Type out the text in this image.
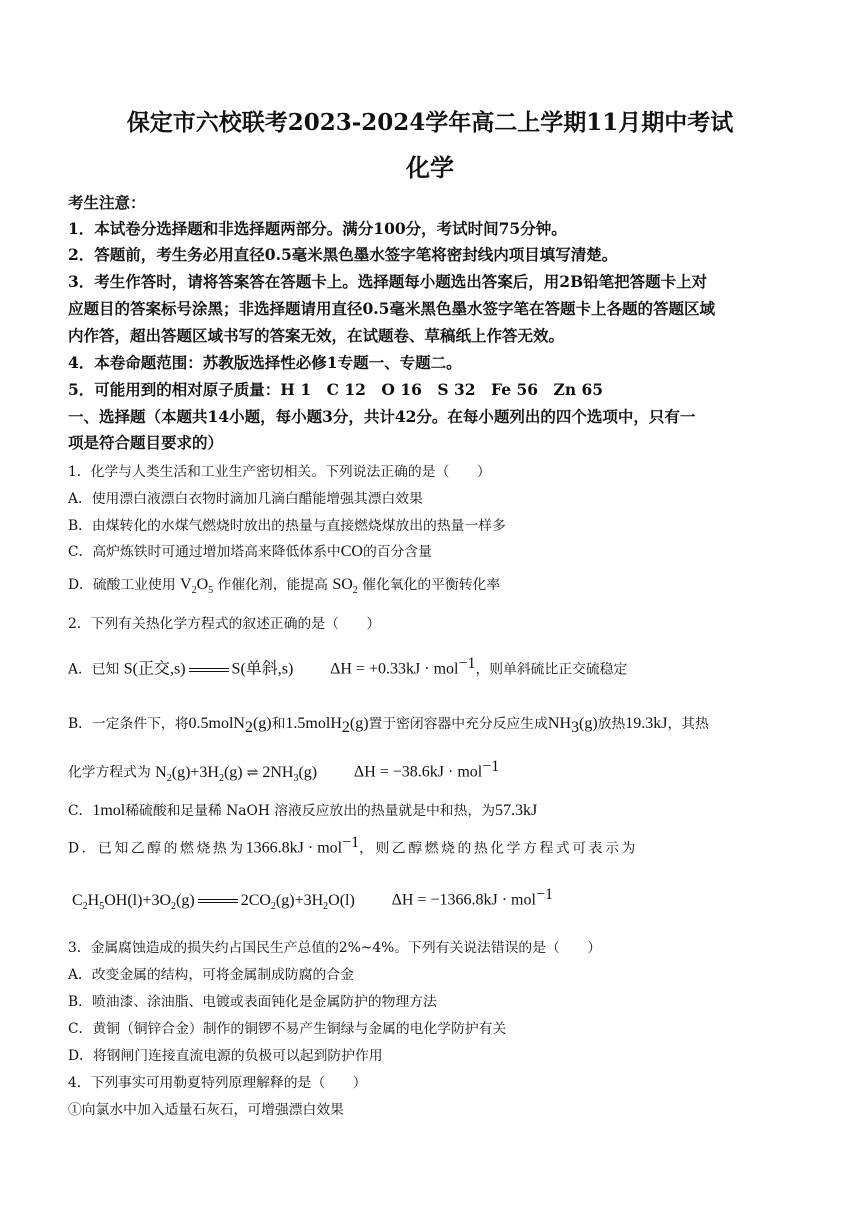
保定市六校联考2023-2024学年高二上学期11月期中考试
化学
考生注意：
1．本试卷分选择题和非选择题两部分。满分100分，考试时间75分钟。
2．答题前，考生务必用直径0.5毫米黑色墨水签字笔将密封线内项目填写清楚。
3．考生作答时，请将答案答在答题卡上。选择题每小题选出答案后，用2B铅笔把答题卡上对
应题目的答案标号涂黑；非选择题请用直径0.5毫米黑色墨水签字笔在答题卡上各题的答题区域
内作答，超出答题区域书写的答案无效，在试题卷、草稿纸上作答无效。
4．本卷命题范围：苏教版选择性必修1专题一、专题二。
5．可能用到的相对原子质量：H 1　C 12　O 16　S 32　Fe 56　Zn 65
一、选择题（本题共14小题，每小题3分，共计42分。在每小题列出的四个选项中，只有一
项是符合题目要求的）
1．化学与人类生活和工业生产密切相关。下列说法正确的是（　　）
A．使用漂白液漂白衣物时滴加几滴白醋能增强其漂白效果
B．由煤转化的水煤气燃烧时放出的热量与直接燃烧煤放出的热量一样多
C．高炉炼铁时可通过增加塔高来降低体系中CO的百分含量
D．硫酸工业使用 $V_2O_5$ 作催化剂，能提高 $SO_2$ 催化氧化的平衡转化率
2．下列有关热化学方程式的叙述正确的是（　　）
A．已知 S(正交,s)	S(单斜,s) ΔH = +0.33kJ · mol$^{-1}$，则单斜硫比正交硫稳定
B．一定条件下，将0.5molN$_2$(g)和1.5molH$_2$(g)置于密闭容器中充分反应生成$NH_3(g)$放热19.3kJ，其热
化学方程式为 $N_2(g)+3H_2(g)$ ⇌ $2NH_3(g) \Delta H = -38.6kJ \cdot mol^{-1}$
C．1mol稀硫酸和足量稀 NaOH 溶液反应放出的热量就是中和热，为57.3kJ
D．已知乙醇的燃烧热为1366.8kJ · mol$^{-1}$，则乙醇燃烧的热化学方程式可表示为
$C_2H_5OH(l)+3O_2(g)$	$2CO_2(g)+3H_2O(l) \Delta H = -1366.8kJ \cdot mol^{-1}$
3．金属腐蚀造成的损失约占国民生产总值的2%~4%。下列有关说法错误的是（　　）
A．改变金属的结构，可将金属制成防腐的合金
B．喷油漆、涂油脂、电镀或表面钝化是金属防护的物理方法
C．黄铜（铜锌合金）制作的铜锣不易产生铜绿与金属的电化学防护有关
D．将钢闸门连接直流电源的负极可以起到防护作用
4．下列事实可用勒夏特列原理解释的是（　　）
①向氯水中加入适量石灰石，可增强漂白效果
